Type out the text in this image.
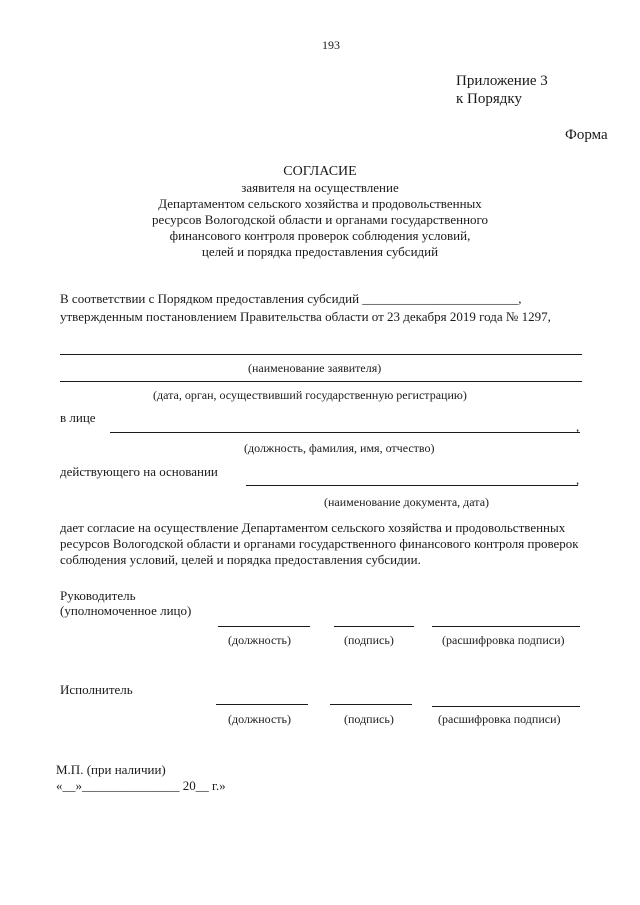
193
Приложение 3
к Порядку
Форма
СОГЛАСИЕ
заявителя на осуществление
Департаментом сельского хозяйства и продовольственных
ресурсов Вологодской области и органами государственного
финансового контроля проверок соблюдения условий,
целей и порядка предоставления субсидий
В соответствии с Порядком предоставления субсидий ________________________,
утвержденным постановлением Правительства области от 23 декабря 2019 года № 1297,
(наименование заявителя)
(дата, орган, осуществивший государственную регистрацию)
в лице
,
(должность, фамилия, имя, отчество)
действующего на основании
,
(наименование документа, дата)
дает согласие на осуществление Департаментом сельского хозяйства и продовольственных
ресурсов Вологодской области и органами государственного финансового контроля проверок
соблюдения условий, целей и порядка предоставления субсидии.
Руководитель
(уполномоченное лицо)
(должность)	(подпись)	(расшифровка подписи)
Исполнитель
(должность)	(подпись)	(расшифровка подписи)
М.П. (при наличии)
«__»_______________ 20__ г.»
